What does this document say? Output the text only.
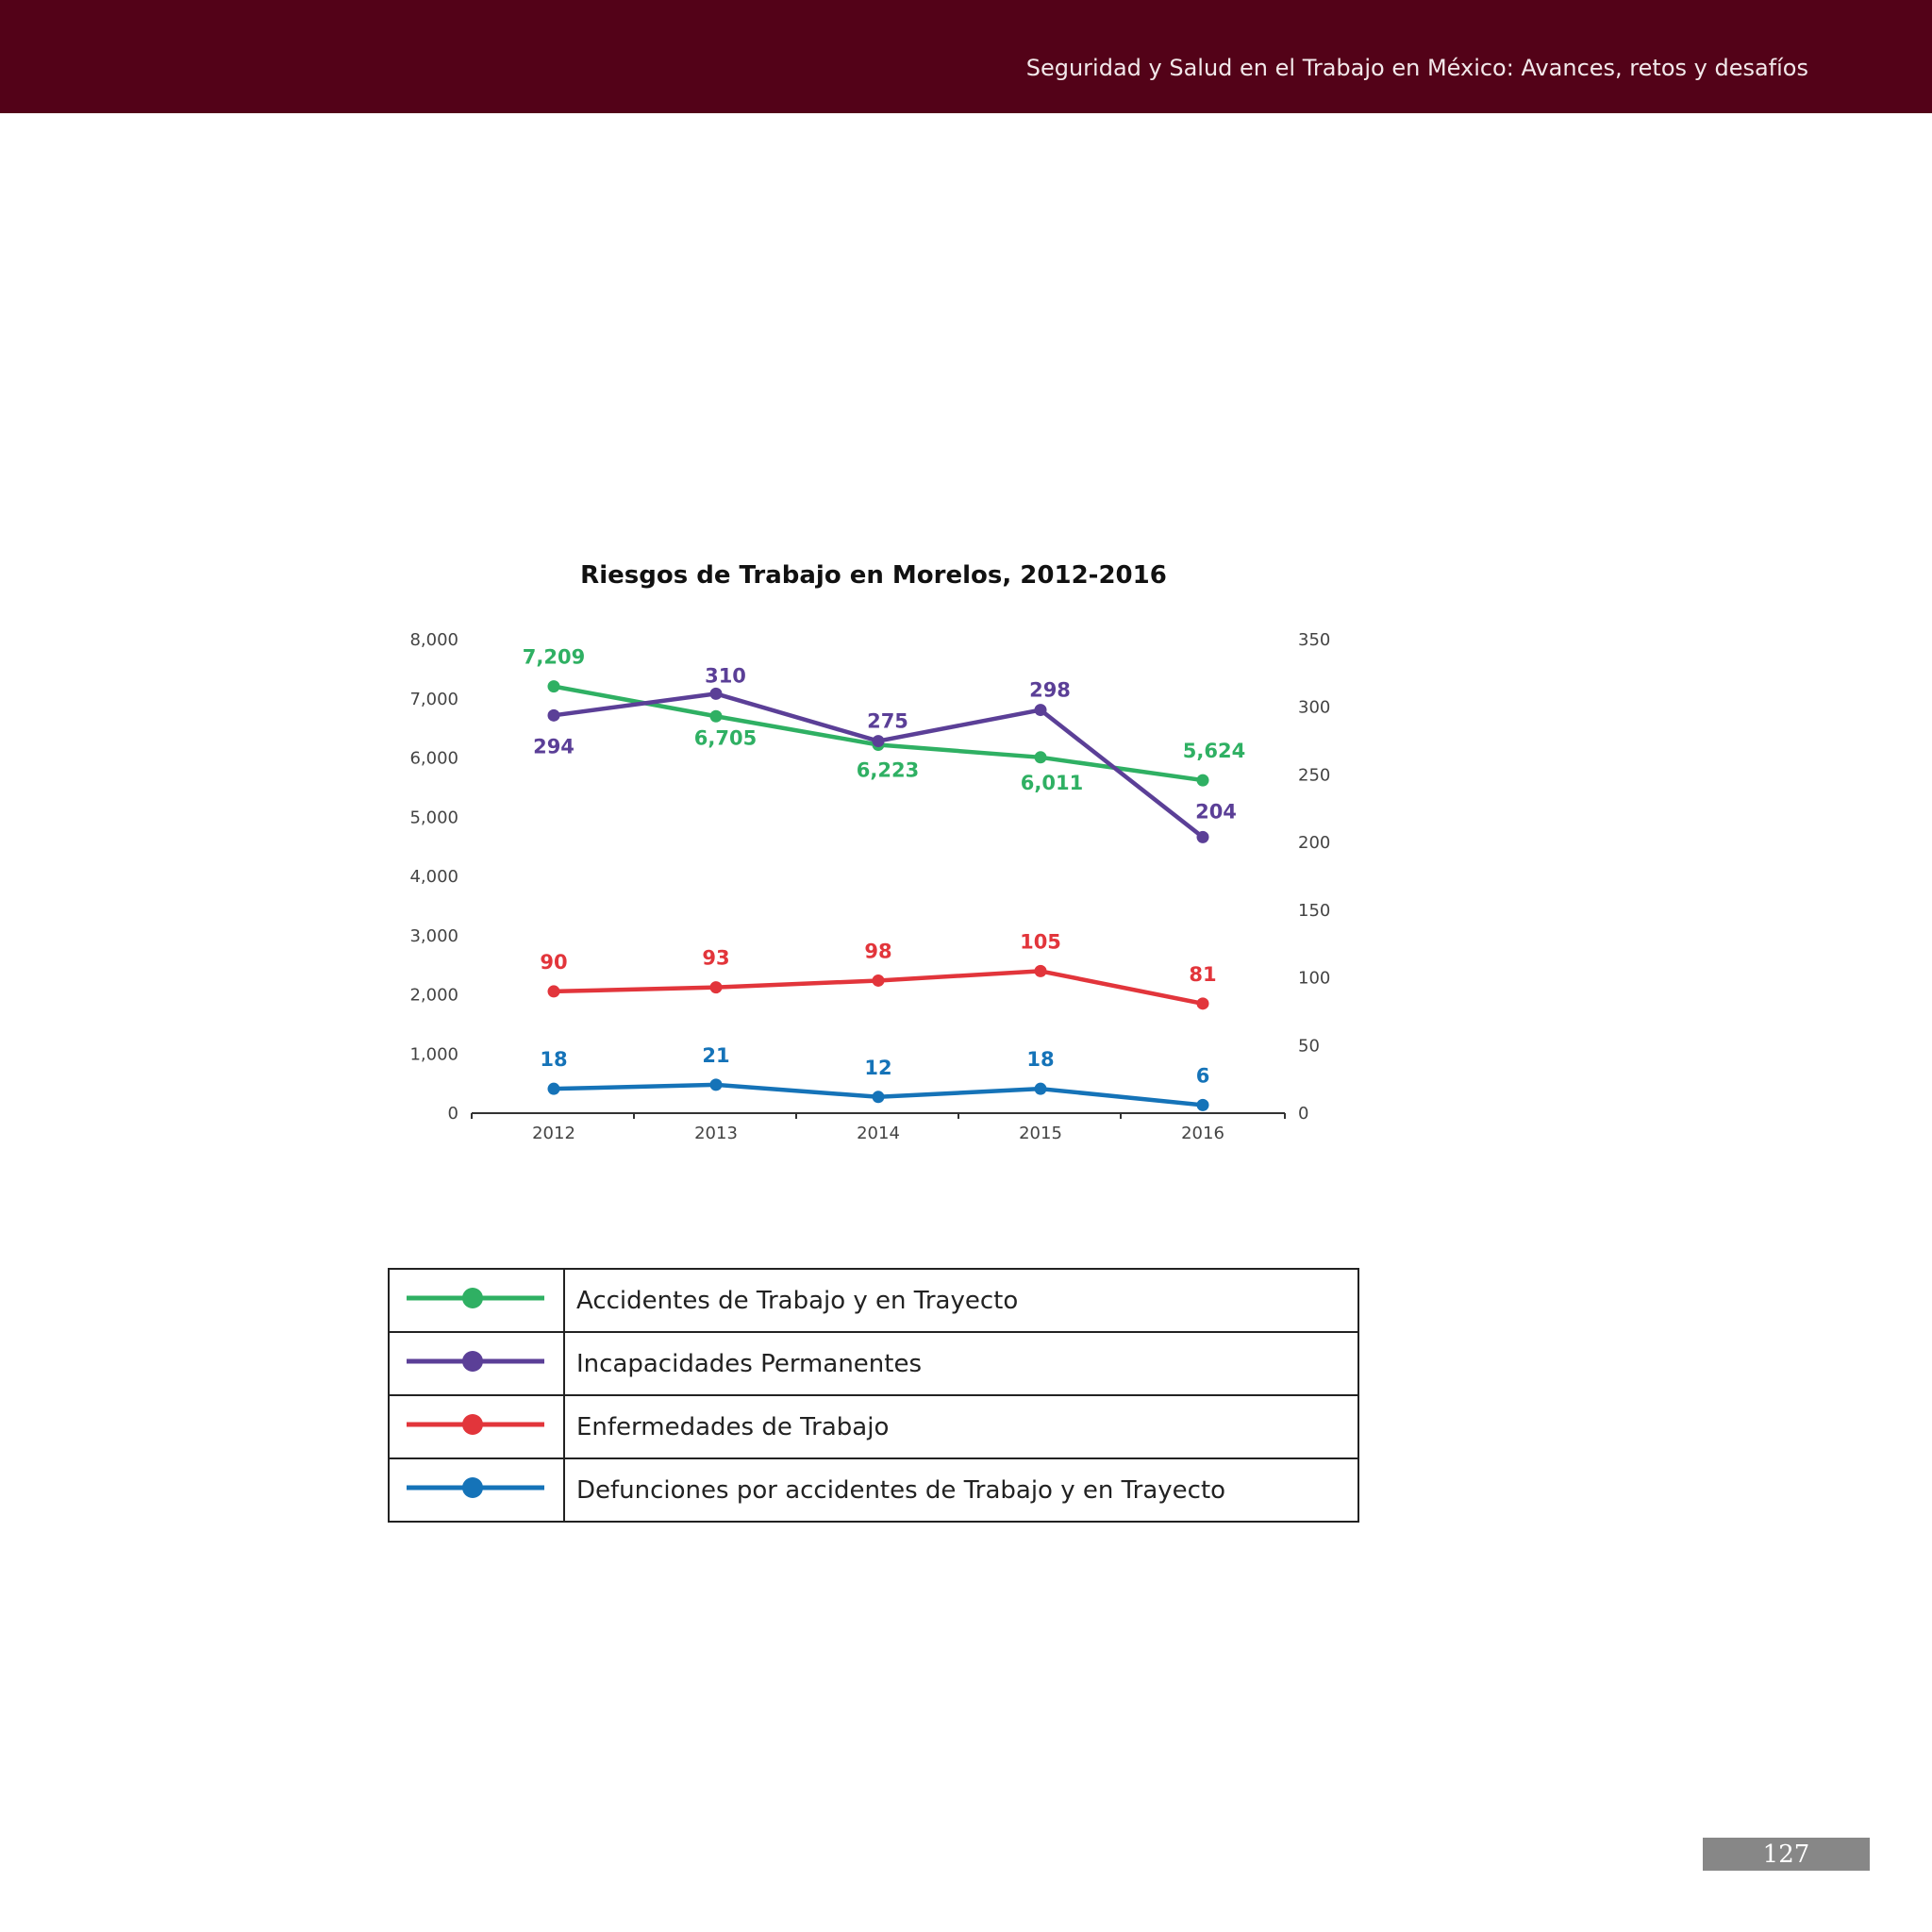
Seguridad y Salud en el Trabajo en México: Avances, retos y desafíos
Riesgos de Trabajo en Morelos, 2012-2016
2012	2013	2014	2015	2016
0
1,000
2,000
3,000
4,000
5,000
6,000
7,000
8,000
0
50
100
150
200
250
300
350
7,209
6,705
6,223
6,011
5,624
294
310
275
298
204
90	93	98	105
81
18	21
12	18
6
	Accidentes de Trabajo y en Trayecto
	Incapacidades Permanentes
	Enfermedades de Trabajo
	Defunciones por accidentes de Trabajo y en Trayecto
127
